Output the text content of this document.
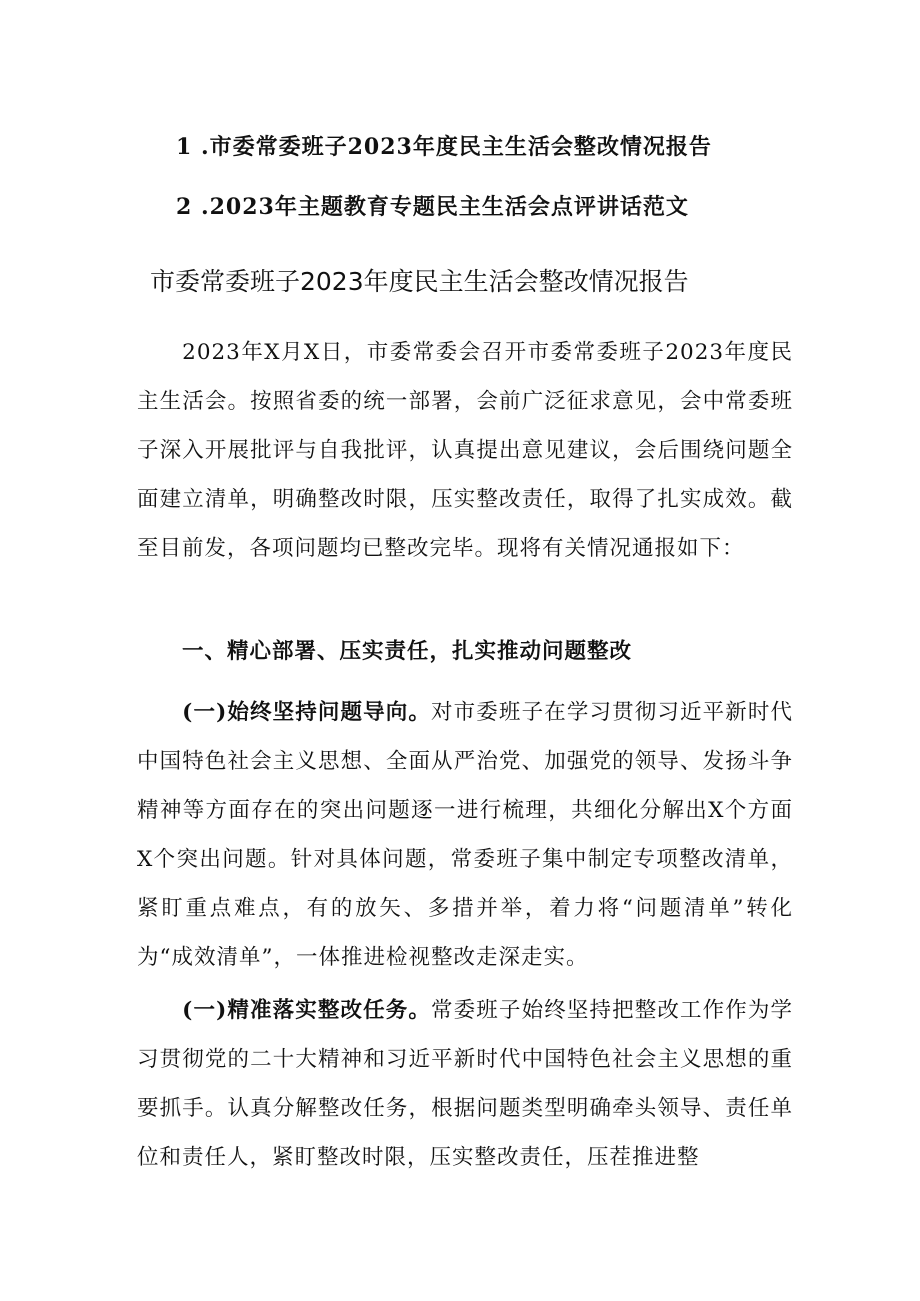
1 .市委常委班子2023年度民主生活会整改情况报告
2 .2023年主题教育专题民主生活会点评讲话范文
市委常委班子2023年度民主生活会整改情况报告

2023年X月X日，市委常委会召开市委常委班子2023年度民主生活会。按照省委的统一部署，会前广泛征求意见，会中常委班子深入开展批评与自我批评，认真提出意见建议，会后围绕问题全面建立清单，明确整改时限，压实整改责任，取得了扎实成效。截至目前发，各项问题均已整改完毕。现将有关情况通报如下：

一、精心部署、压实责任，扎实推动问题整改

(一)始终坚持问题导向。对市委班子在学习贯彻习近平新时代中国特色社会主义思想、全面从严治党、加强党的领导、发扬斗争精神等方面存在的突出问题逐一进行梳理，共细化分解出X个方面X个突出问题。针对具体问题，常委班子集中制定专项整改清单，紧盯重点难点，有的放矢、多措并举，着力将“问题清单”转化为“成效清单”，一体推进检视整改走深走实。

(一)精准落实整改任务。常委班子始终坚持把整改工作作为学习贯彻党的二十大精神和习近平新时代中国特色社会主义思想的重要抓手。认真分解整改任务，根据问题类型明确牵头领导、责任单位和责任人，紧盯整改时限，压实整改责任，压茬推进整
